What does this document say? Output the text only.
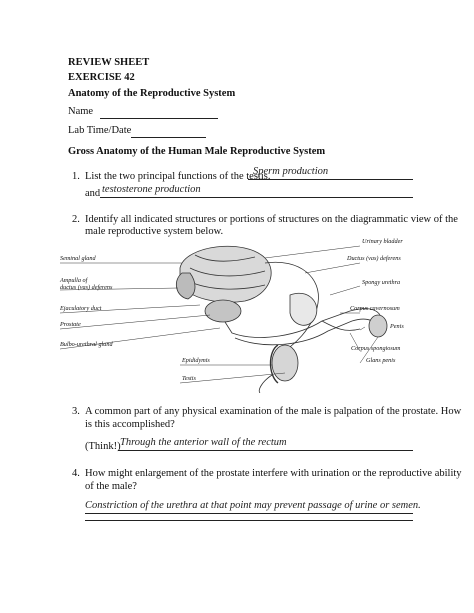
REVIEW SHEET
EXERCISE 42
Anatomy of the Reproductive System
Name
Lab Time/Date
Gross Anatomy of the Human Male Reproductive System
1. List the two principal functions of the testis.
Sperm production
and testosterone production
2. Identify all indicated structures or portions of structures on the diagrammatic view of the
male reproductive system below.
Seminal gland
Ampulla of
ductus (vas) deferens
Ejaculatory duct
Prostate
Bulbo-urethral gland
Epididymis
Testis
Urinary bladder
Ductus (vas) deferens
Spongy urethra
Corpus cavernosum
Penis
Corpus spongiosum
Glans penis
3. A common part of any physical examination of the male is palpation of the prostate. How
is this accomplished?
(Think!) Through the anterior wall of the rectum
4. How might enlargement of the prostate interfere with urination or the reproductive ability
of the male?
Constriction of the urethra at that point may prevent passage of urine or semen.
